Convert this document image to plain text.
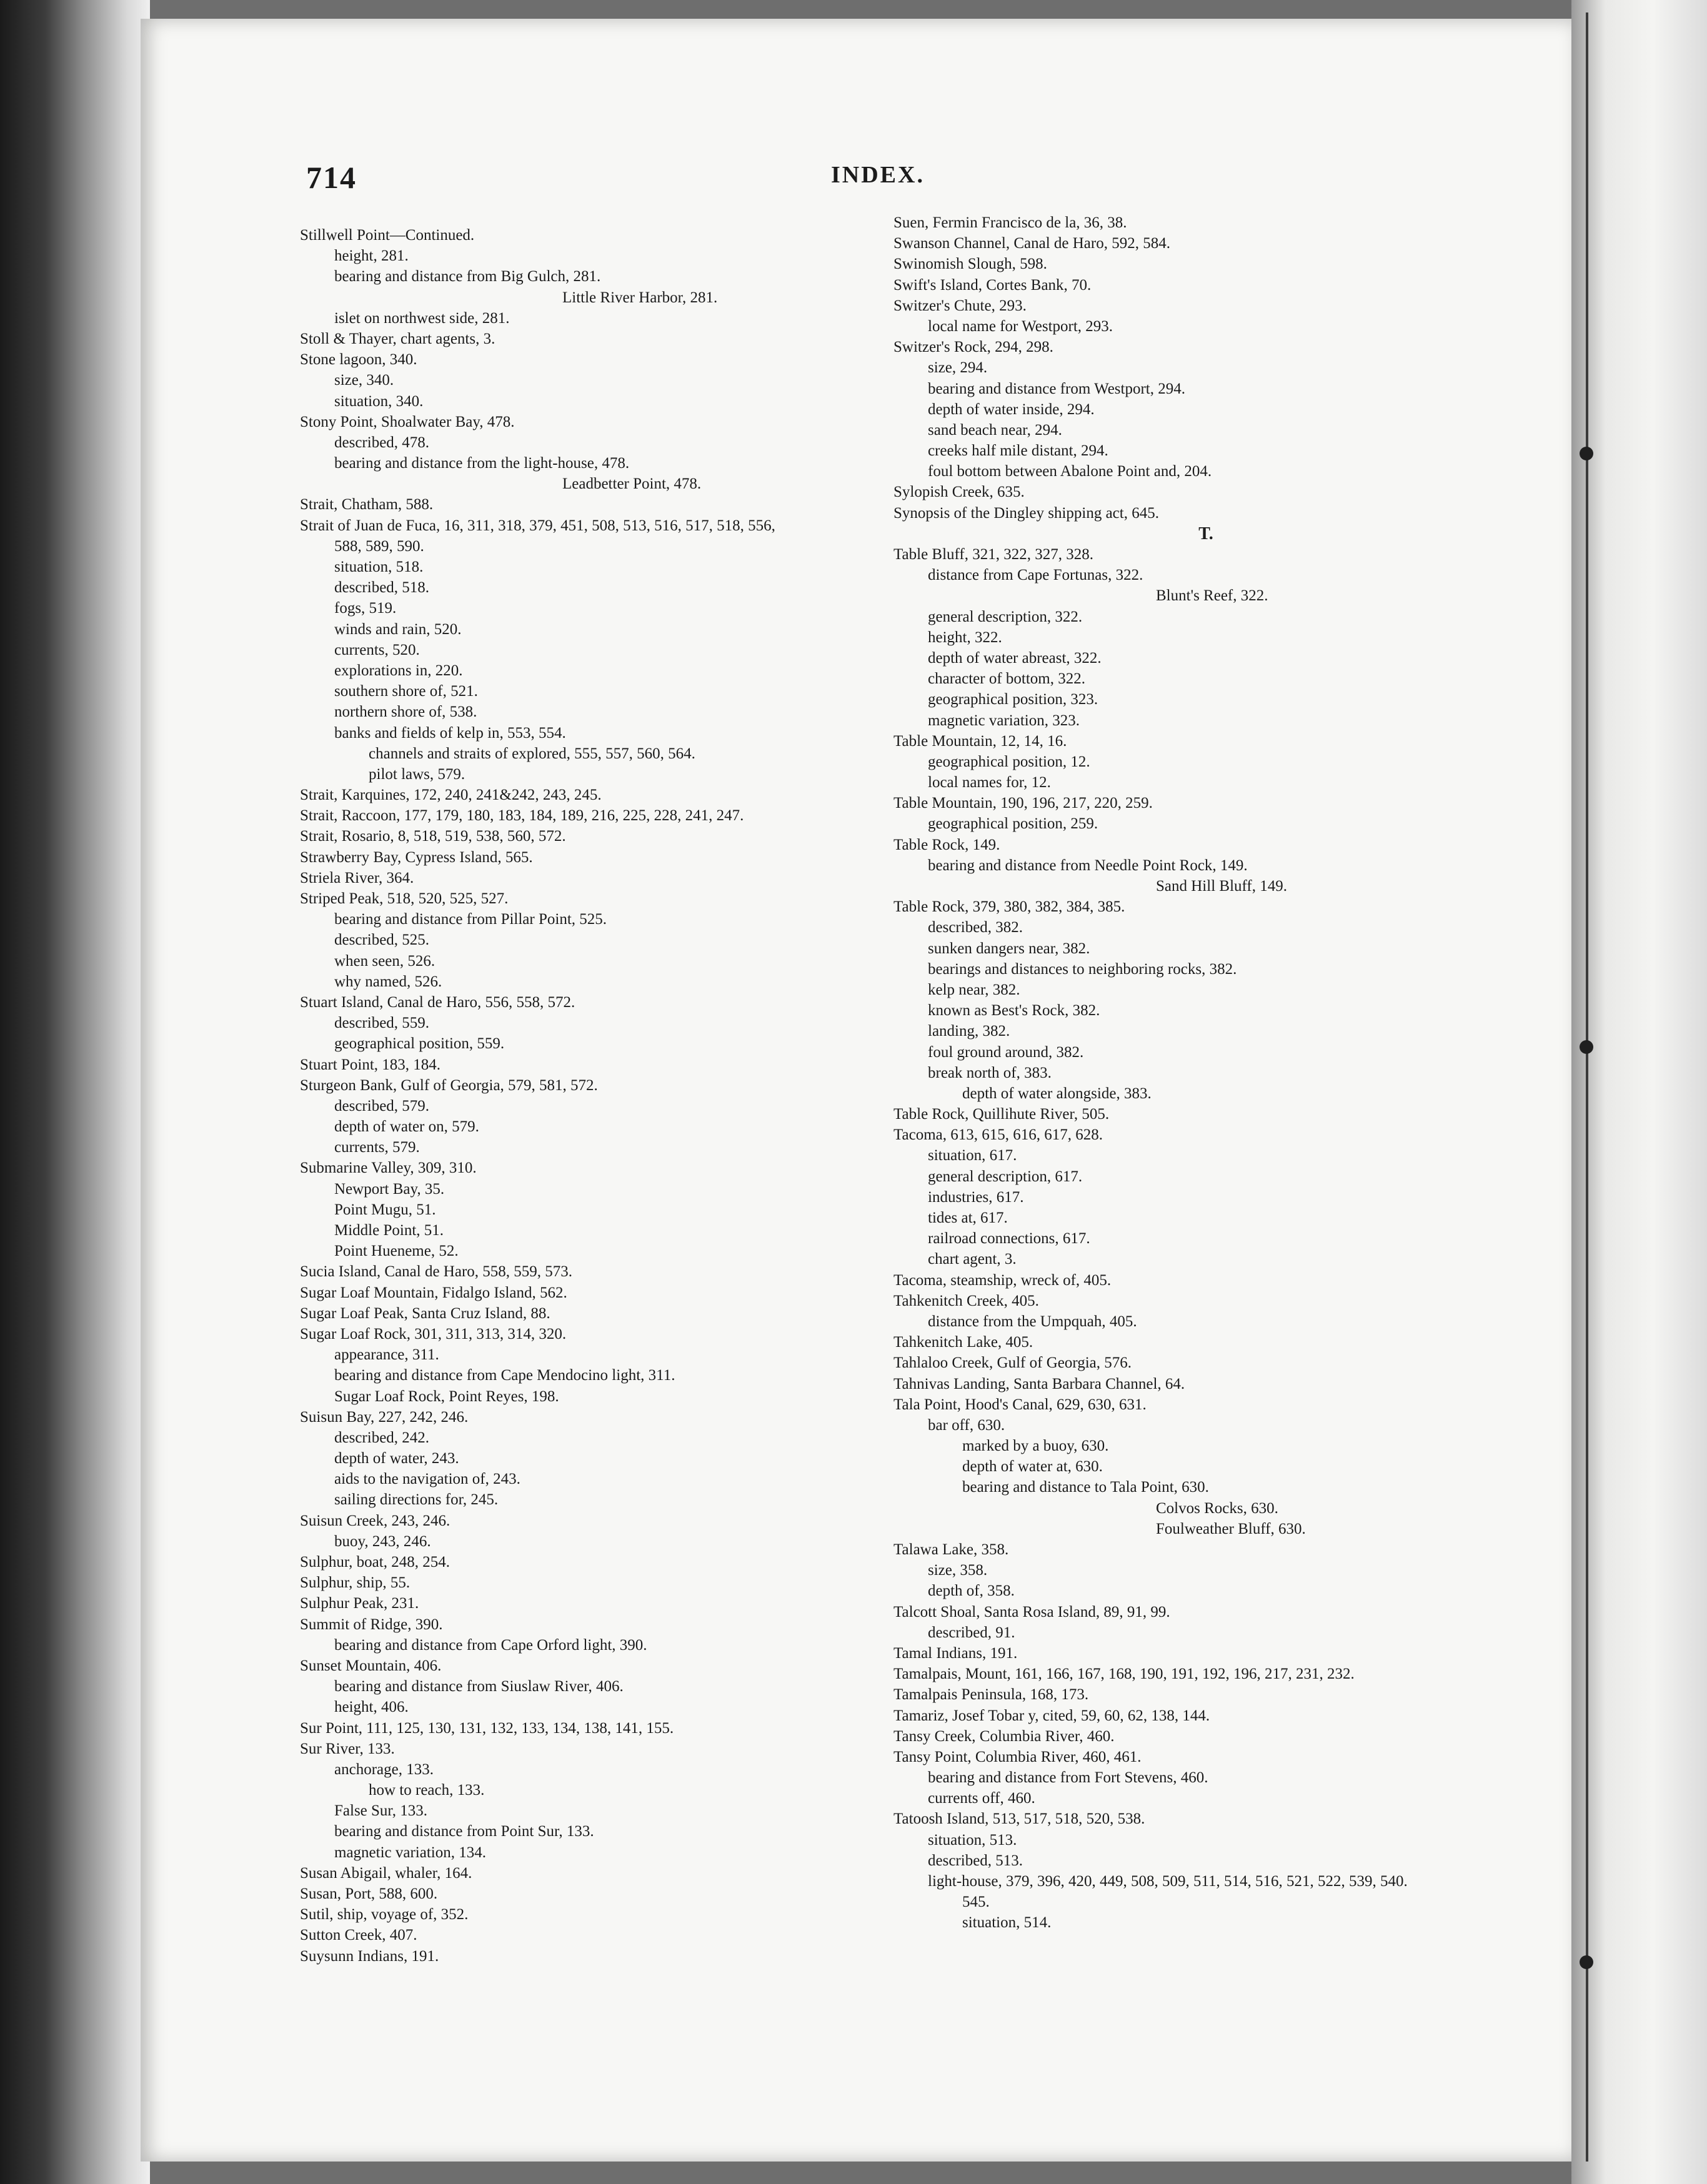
714	INDEX.
Stillwell Point—Continued.
height, 281.
bearing and distance from Big Gulch, 281.
Little River Harbor, 281.
islet on northwest side, 281.
Stoll & Thayer, chart agents, 3.
Stone lagoon, 340.
size, 340.
situation, 340.
Stony Point, Shoalwater Bay, 478.
described, 478.
bearing and distance from the light-house, 478.
Leadbetter Point, 478.
Strait, Chatham, 588.
Strait of Juan de Fuca, 16, 311, 318, 379, 451, 508, 513, 516, 517, 518, 556,
588, 589, 590.
situation, 518.
described, 518.
fogs, 519.
winds and rain, 520.
currents, 520.
explorations in, 220.
southern shore of, 521.
northern shore of, 538.
banks and fields of kelp in, 553, 554.
channels and straits of explored, 555, 557, 560, 564.
pilot laws, 579.
Strait, Karquines, 172, 240, 241&242, 243, 245.
Strait, Raccoon, 177, 179, 180, 183, 184, 189, 216, 225, 228, 241, 247.
Strait, Rosario, 8, 518, 519, 538, 560, 572.
Strawberry Bay, Cypress Island, 565.
Striela River, 364.
Striped Peak, 518, 520, 525, 527.
bearing and distance from Pillar Point, 525.
described, 525.
when seen, 526.
why named, 526.
Stuart Island, Canal de Haro, 556, 558, 572.
described, 559.
geographical position, 559.
Stuart Point, 183, 184.
Sturgeon Bank, Gulf of Georgia, 579, 581, 572.
described, 579.
depth of water on, 579.
currents, 579.
Submarine Valley, 309, 310.
Newport Bay, 35.
Point Mugu, 51.
Middle Point, 51.
Point Hueneme, 52.
Sucia Island, Canal de Haro, 558, 559, 573.
Sugar Loaf Mountain, Fidalgo Island, 562.
Sugar Loaf Peak, Santa Cruz Island, 88.
Sugar Loaf Rock, 301, 311, 313, 314, 320.
appearance, 311.
bearing and distance from Cape Mendocino light, 311.
Sugar Loaf Rock, Point Reyes, 198.
Suisun Bay, 227, 242, 246.
described, 242.
depth of water, 243.
aids to the navigation of, 243.
sailing directions for, 245.
Suisun Creek, 243, 246.
buoy, 243, 246.
Sulphur, boat, 248, 254.
Sulphur, ship, 55.
Sulphur Peak, 231.
Summit of Ridge, 390.
bearing and distance from Cape Orford light, 390.
Sunset Mountain, 406.
bearing and distance from Siuslaw River, 406.
height, 406.
Sur Point, 111, 125, 130, 131, 132, 133, 134, 138, 141, 155.
Sur River, 133.
anchorage, 133.
how to reach, 133.
False Sur, 133.
bearing and distance from Point Sur, 133.
magnetic variation, 134.
Susan Abigail, whaler, 164.
Susan, Port, 588, 600.
Sutil, ship, voyage of, 352.
Sutton Creek, 407.
Suysunn Indians, 191.
Suen, Fermin Francisco de la, 36, 38.
Swanson Channel, Canal de Haro, 592, 584.
Swinomish Slough, 598.
Swift's Island, Cortes Bank, 70.
Switzer's Chute, 293.
local name for Westport, 293.
Switzer's Rock, 294, 298.
size, 294.
bearing and distance from Westport, 294.
depth of water inside, 294.
sand beach near, 294.
creeks half mile distant, 294.
foul bottom between Abalone Point and, 204.
Sylopish Creek, 635.
Synopsis of the Dingley shipping act, 645.
T.
Table Bluff, 321, 322, 327, 328.
distance from Cape Fortunas, 322.
Blunt's Reef, 322.
general description, 322.
height, 322.
depth of water abreast, 322.
character of bottom, 322.
geographical position, 323.
magnetic variation, 323.
Table Mountain, 12, 14, 16.
geographical position, 12.
local names for, 12.
Table Mountain, 190, 196, 217, 220, 259.
geographical position, 259.
Table Rock, 149.
bearing and distance from Needle Point Rock, 149.
Sand Hill Bluff, 149.
Table Rock, 379, 380, 382, 384, 385.
described, 382.
sunken dangers near, 382.
bearings and distances to neighboring rocks, 382.
kelp near, 382.
known as Best's Rock, 382.
landing, 382.
foul ground around, 382.
break north of, 383.
depth of water alongside, 383.
Table Rock, Quillihute River, 505.
Tacoma, 613, 615, 616, 617, 628.
situation, 617.
general description, 617.
industries, 617.
tides at, 617.
railroad connections, 617.
chart agent, 3.
Tacoma, steamship, wreck of, 405.
Tahkenitch Creek, 405.
distance from the Umpquah, 405.
Tahkenitch Lake, 405.
Tahlaloo Creek, Gulf of Georgia, 576.
Tahnivas Landing, Santa Barbara Channel, 64.
Tala Point, Hood's Canal, 629, 630, 631.
bar off, 630.
marked by a buoy, 630.
depth of water at, 630.
bearing and distance to Tala Point, 630.
Colvos Rocks, 630.
Foulweather Bluff, 630.
Talawa Lake, 358.
size, 358.
depth of, 358.
Talcott Shoal, Santa Rosa Island, 89, 91, 99.
described, 91.
Tamal Indians, 191.
Tamalpais, Mount, 161, 166, 167, 168, 190, 191, 192, 196, 217, 231, 232.
Tamalpais Peninsula, 168, 173.
Tamariz, Josef Tobar y, cited, 59, 60, 62, 138, 144.
Tansy Creek, Columbia River, 460.
Tansy Point, Columbia River, 460, 461.
bearing and distance from Fort Stevens, 460.
currents off, 460.
Tatoosh Island, 513, 517, 518, 520, 538.
situation, 513.
described, 513.
light-house, 379, 396, 420, 449, 508, 509, 511, 514, 516, 521, 522, 539, 540.
545.
situation, 514.
